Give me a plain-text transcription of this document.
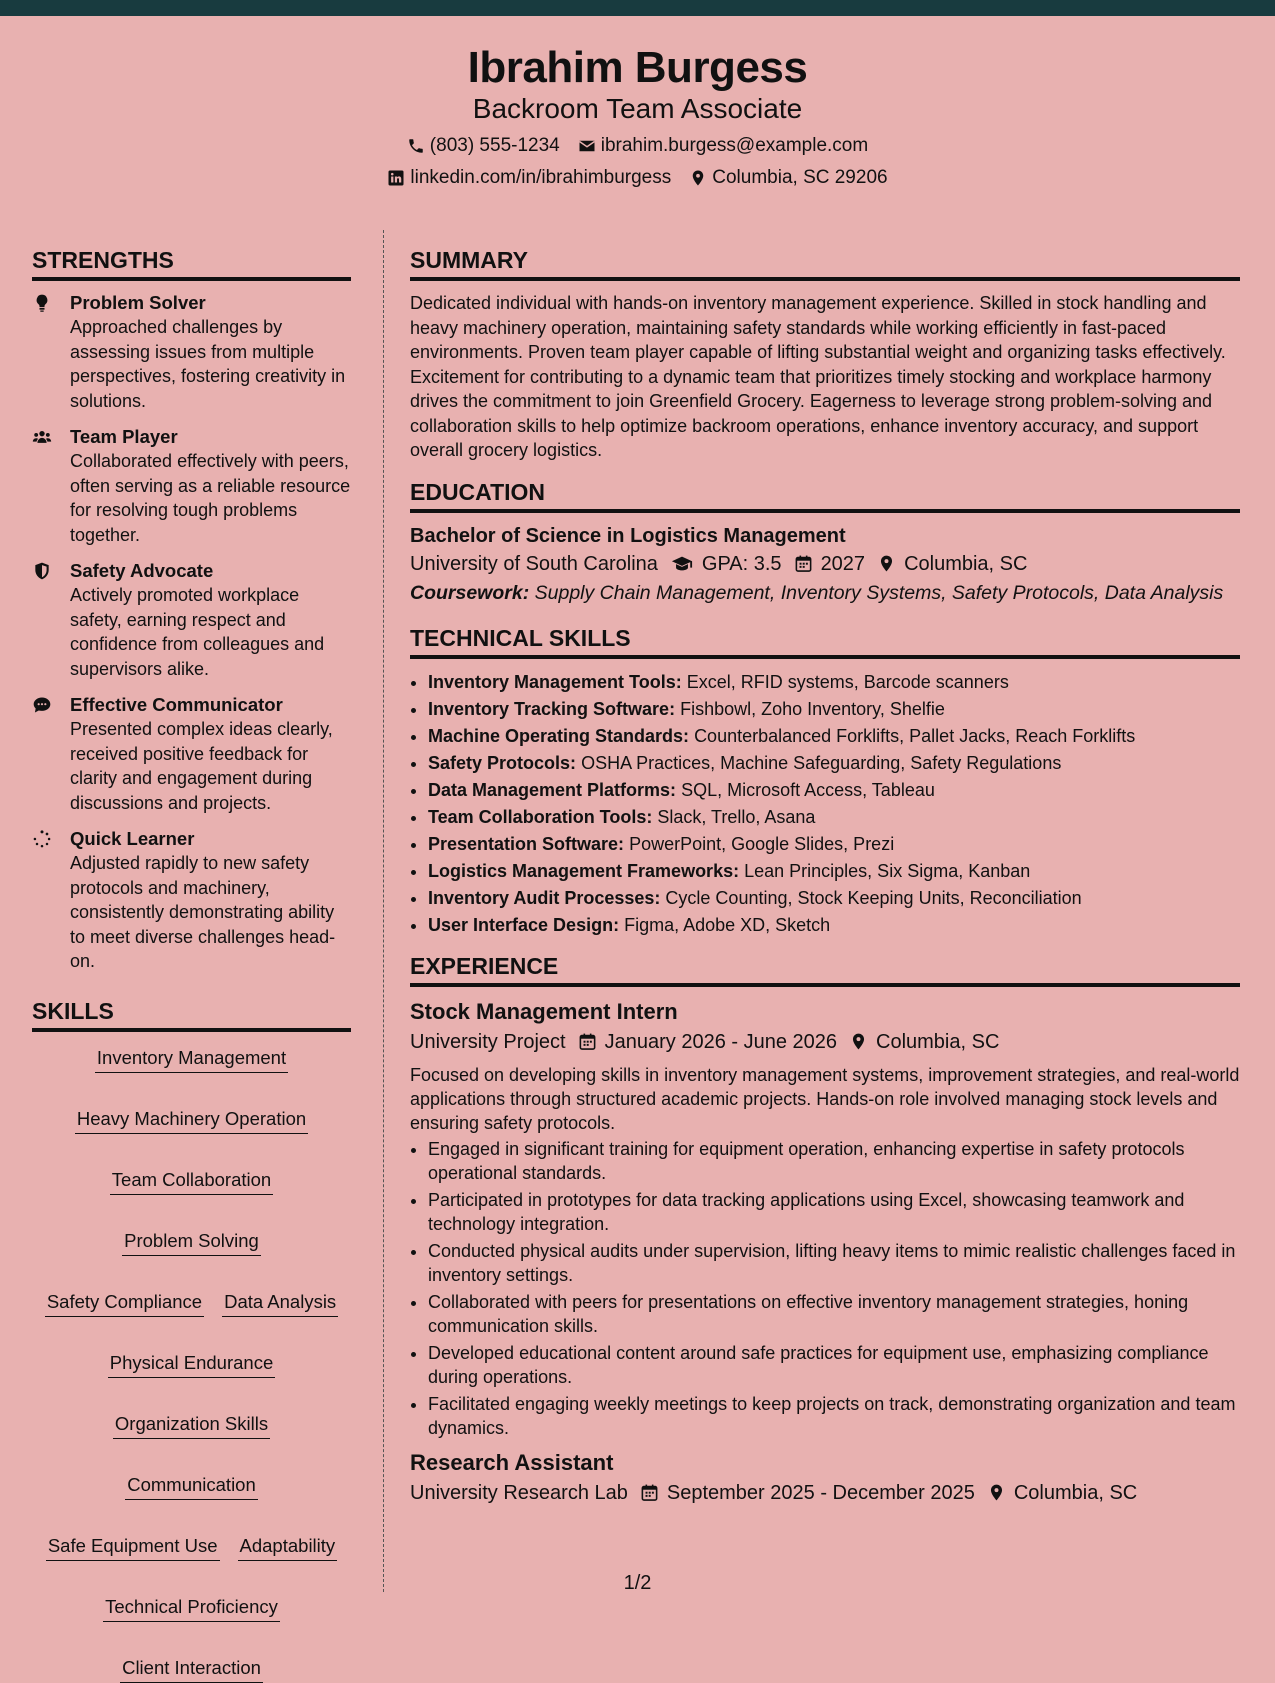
Ibrahim Burgess
Backroom Team Associate
(803) 555-1234 ibrahim.burgess@example.com
linkedin.com/in/ibrahimburgess Columbia, SC 29206
STRENGTHS
Problem Solver
Approached challenges by assessing issues from multiple perspectives, fostering creativity in solutions.
Team Player
Collaborated effectively with peers, often serving as a reliable resource for resolving tough problems together.
Safety Advocate
Actively promoted workplace safety, earning respect and confidence from colleagues and supervisors alike.
Effective Communicator
Presented complex ideas clearly, received positive feedback for clarity and engagement during discussions and projects.
Quick Learner
Adjusted rapidly to new safety protocols and machinery, consistently demonstrating ability to meet diverse challenges head-on.
SKILLS
Inventory Management
Heavy Machinery Operation
Team Collaboration
Problem Solving
Safety Compliance Data Analysis
Physical Endurance
Organization Skills
Communication
Safe Equipment Use Adaptability
Technical Proficiency
Client Interaction
SUMMARY
Dedicated individual with hands-on inventory management experience. Skilled in stock handling and heavy machinery operation, maintaining safety standards while working efficiently in fast-paced environments. Proven team player capable of lifting substantial weight and organizing tasks effectively. Excitement for contributing to a dynamic team that prioritizes timely stocking and workplace harmony drives the commitment to join Greenfield Grocery. Eagerness to leverage strong problem-solving and collaboration skills to help optimize backroom operations, enhance inventory accuracy, and support overall grocery logistics.
EDUCATION
Bachelor of Science in Logistics Management
University of South Carolina GPA: 3.5 2027 Columbia, SC
Coursework: Supply Chain Management, Inventory Systems, Safety Protocols, Data Analysis
TECHNICAL SKILLS
• Inventory Management Tools: Excel, RFID systems, Barcode scanners
• Inventory Tracking Software: Fishbowl, Zoho Inventory, Shelfie
• Machine Operating Standards: Counterbalanced Forklifts, Pallet Jacks, Reach Forklifts
• Safety Protocols: OSHA Practices, Machine Safeguarding, Safety Regulations
• Data Management Platforms: SQL, Microsoft Access, Tableau
• Team Collaboration Tools: Slack, Trello, Asana
• Presentation Software: PowerPoint, Google Slides, Prezi
• Logistics Management Frameworks: Lean Principles, Six Sigma, Kanban
• Inventory Audit Processes: Cycle Counting, Stock Keeping Units, Reconciliation
• User Interface Design: Figma, Adobe XD, Sketch
EXPERIENCE
Stock Management Intern
University Project January 2026 - June 2026 Columbia, SC
Focused on developing skills in inventory management systems, improvement strategies, and real-world applications through structured academic projects. Hands-on role involved managing stock levels and ensuring safety protocols.
• Engaged in significant training for equipment operation, enhancing expertise in safety protocols operational standards.
• Participated in prototypes for data tracking applications using Excel, showcasing teamwork and technology integration.
• Conducted physical audits under supervision, lifting heavy items to mimic realistic challenges faced in inventory settings.
• Collaborated with peers for presentations on effective inventory management strategies, honing communication skills.
• Developed educational content around safe practices for equipment use, emphasizing compliance during operations.
• Facilitated engaging weekly meetings to keep projects on track, demonstrating organization and team dynamics.
Research Assistant
University Research Lab September 2025 - December 2025 Columbia, SC
1/2
